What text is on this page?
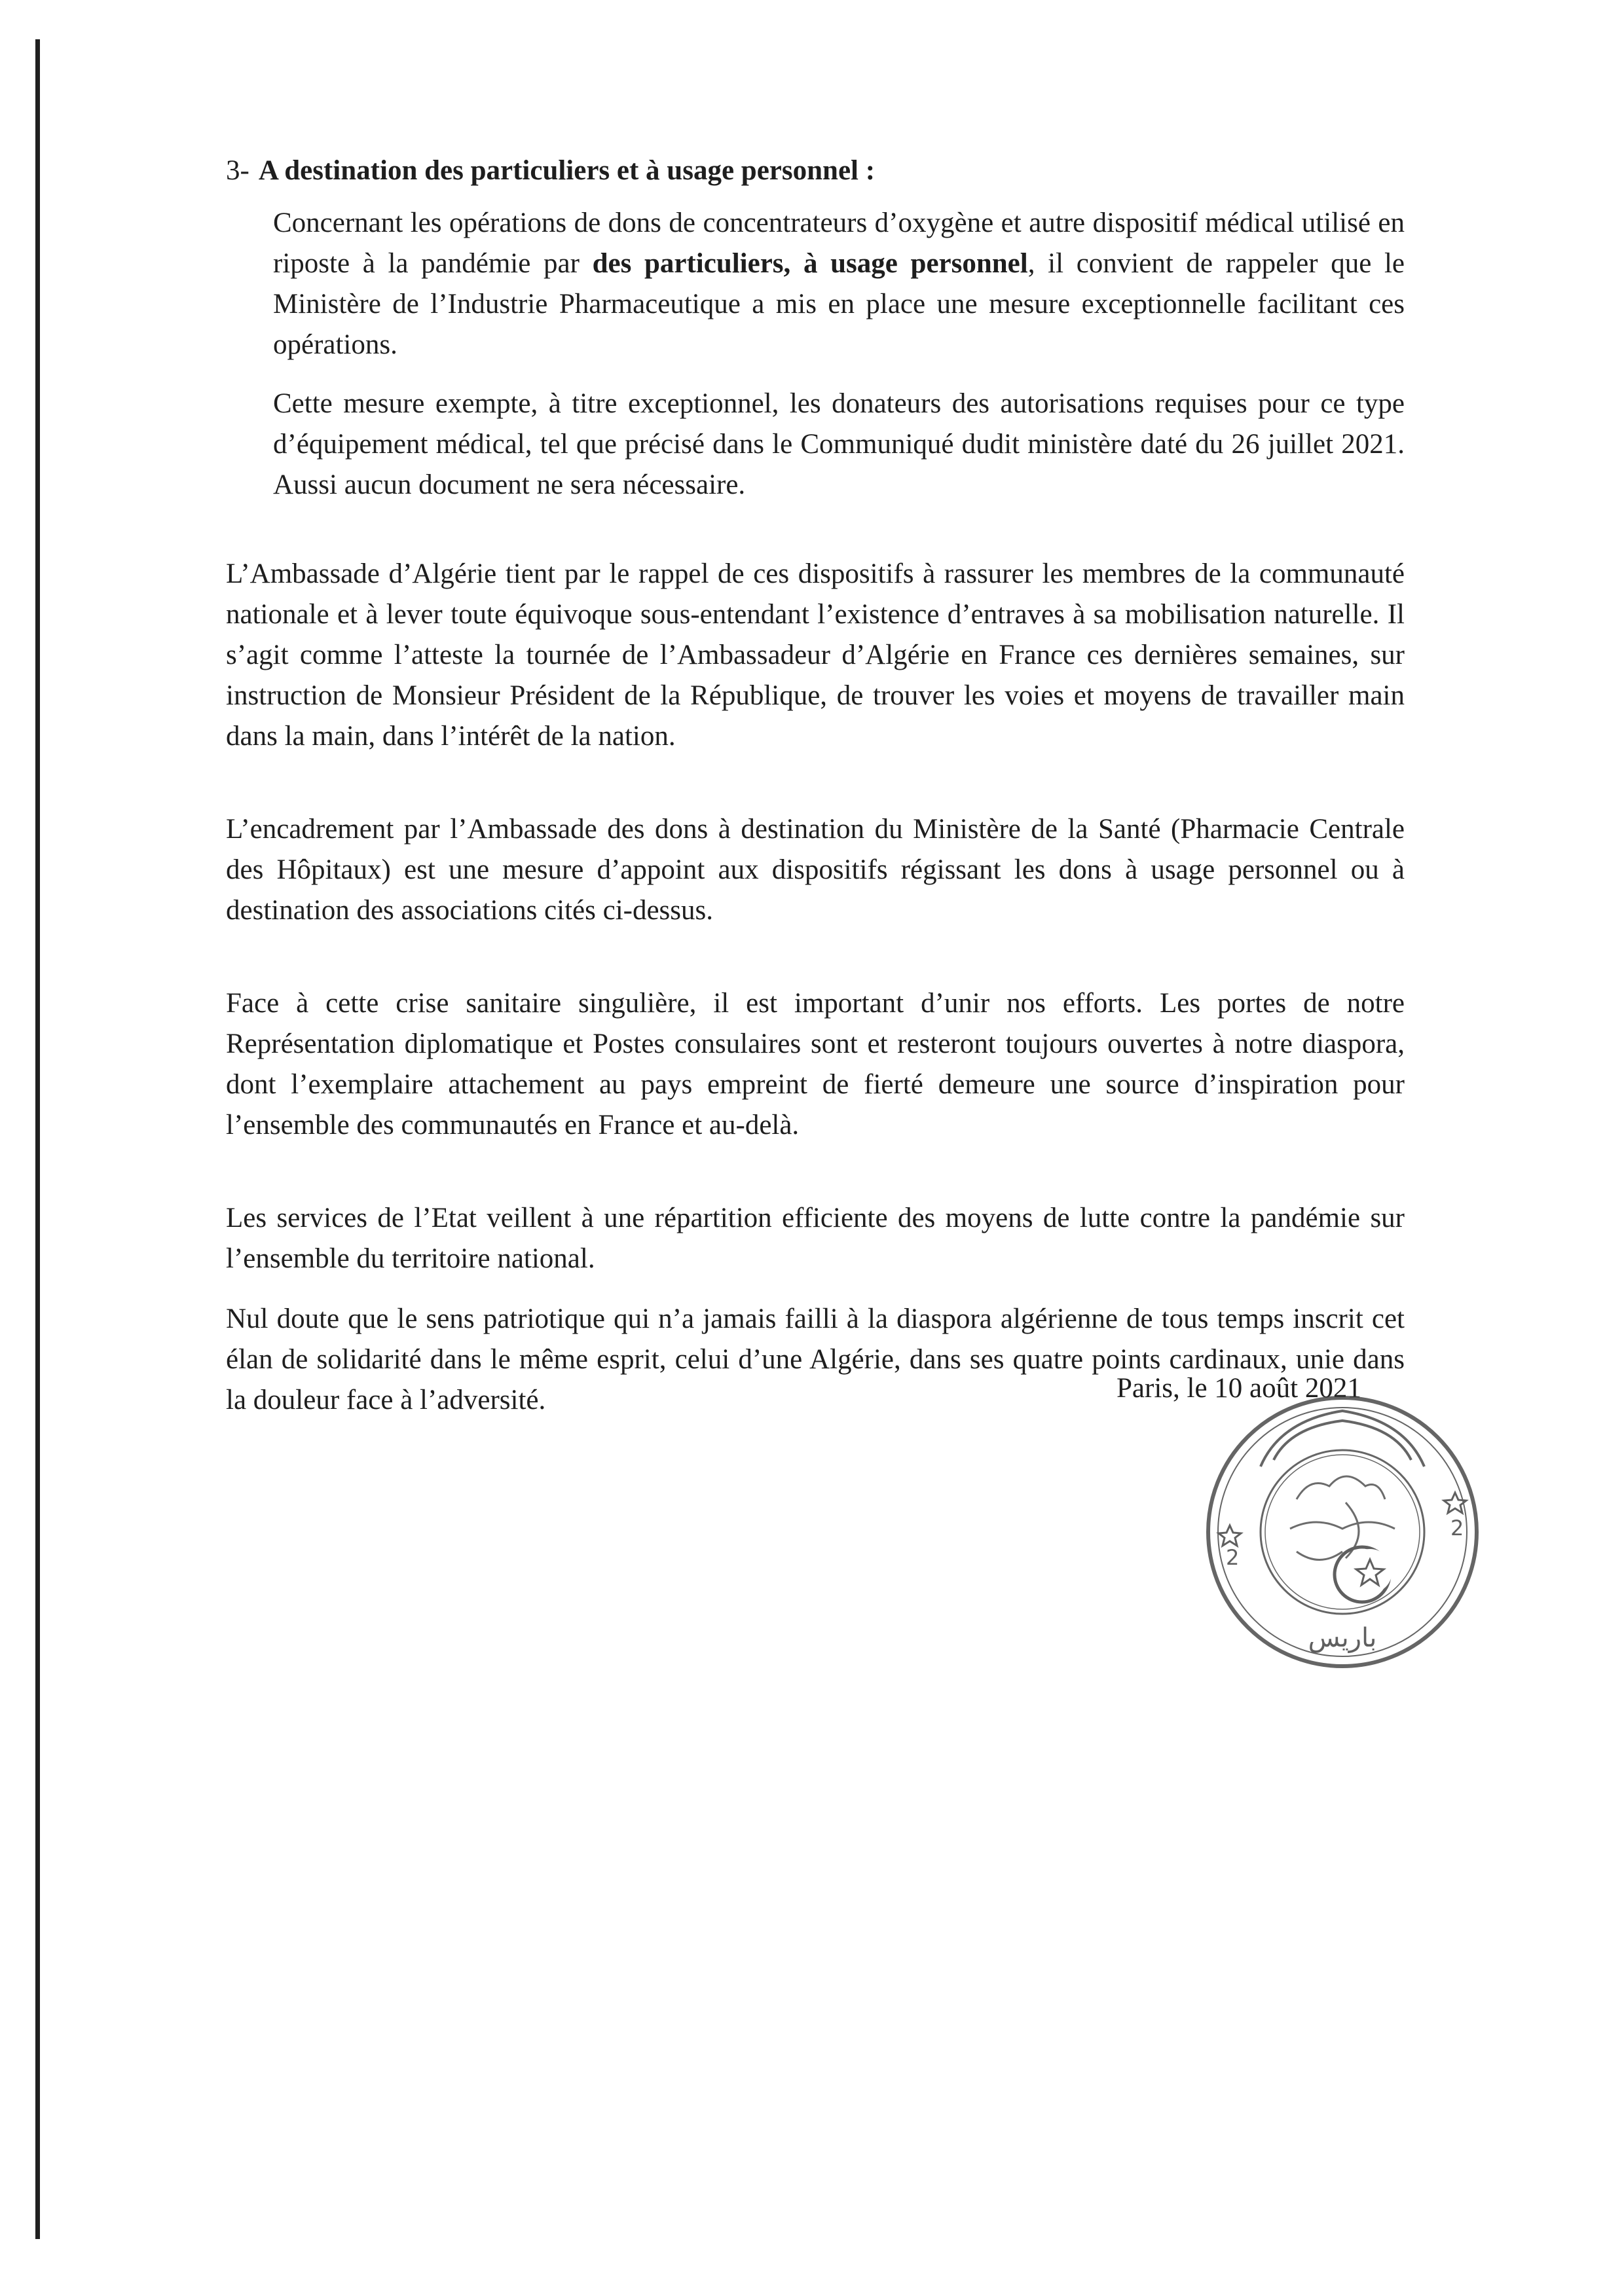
3- A destination des particuliers et à usage personnel :

Concernant les opérations de dons de concentrateurs d’oxygène et autre dispositif médical utilisé en riposte à la pandémie par des particuliers, à usage personnel, il convient de rappeler que le Ministère de l’Industrie Pharmaceutique a mis en place une mesure exceptionnelle facilitant ces opérations.

Cette mesure exempte, à titre exceptionnel, les donateurs des autorisations requises pour ce type d’équipement médical, tel que précisé dans le Communiqué dudit ministère daté du 26 juillet 2021. Aussi aucun document ne sera nécessaire.

L’Ambassade d’Algérie tient par le rappel de ces dispositifs à rassurer les membres de la communauté nationale et à lever toute équivoque sous-entendant l’existence d’entraves à sa mobilisation naturelle. Il s’agit comme l’atteste la tournée de l’Ambassadeur d’Algérie en France ces dernières semaines, sur instruction de Monsieur Président de la République, de trouver les voies et moyens de travailler main dans la main, dans l’intérêt de la nation.

L’encadrement par l’Ambassade des dons à destination du Ministère de la Santé (Pharmacie Centrale des Hôpitaux) est une mesure d’appoint aux dispositifs régissant les dons à usage personnel ou à destination des associations cités ci-dessus.

Face à cette crise sanitaire singulière, il est important d’unir nos efforts. Les portes de notre Représentation diplomatique et Postes consulaires sont et resteront toujours ouvertes à notre diaspora, dont l’exemplaire attachement au pays empreint de fierté demeure une source d’inspiration pour l’ensemble des communautés en France et au-delà.

Les services de l’Etat veillent à une répartition efficiente des moyens de lutte contre la pandémie sur l’ensemble du territoire national.

Nul doute que le sens patriotique qui n’a jamais failli à la diaspora algérienne de tous temps inscrit cet élan de solidarité dans le même esprit, celui d’une Algérie, dans ses quatre points cardinaux, unie dans la douleur face à l’adversité.	Paris, le 10 août 2021
2
2
باريس
